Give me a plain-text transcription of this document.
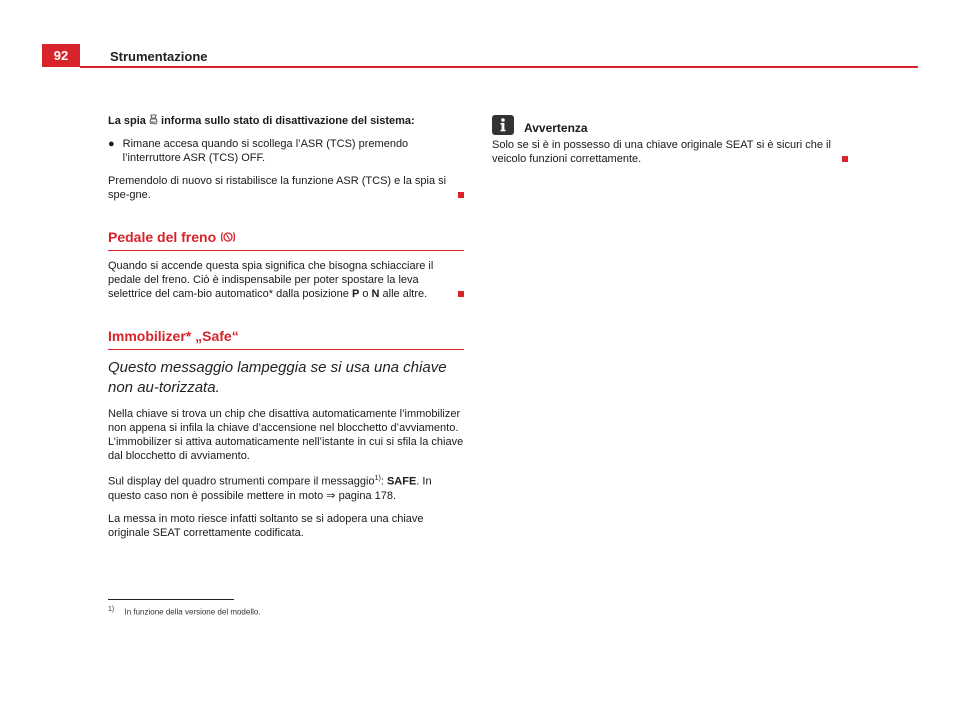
92	Strumentazione

La spia informa sullo stato di disattivazione del sistema:

● Rimane accesa quando si scollega l’ASR (TCS) premendo l’interruttore ASR (TCS) OFF.

Premendolo di nuovo si ristabilisce la funzione ASR (TCS) e la spia si spe-gne.

Pedale del freno

Quando si accende questa spia significa che bisogna schiacciare il pedale del freno. Ciò è indispensabile per poter spostare la leva selettrice del cam-bio automatico* dalla posizione P o N alle altre.

Immobilizer* „Safe“

Questo messaggio lampeggia se si usa una chiave non au-torizzata.

Nella chiave si trova un chip che disattiva automaticamente l’immobilizer non appena si infila la chiave d’accensione nel blocchetto d’avviamento. L’immobilizer si attiva automaticamente nell’istante in cui si sfila la chiave dal blocchetto di avviamento.

Sul display del quadro strumenti compare il messaggio$^{1)}$: SAFE. In questo caso non è possibile mettere in moto ⇒ pagina 178.

La messa in moto riesce infatti soltanto se si adopera una chiave originale SEAT correttamente codificata.

Avvertenza

Solo se si è in possesso di una chiave originale SEAT si è sicuri che il veicolo funzioni correttamente.

$^{1)}$ In funzione della versione del modello.
